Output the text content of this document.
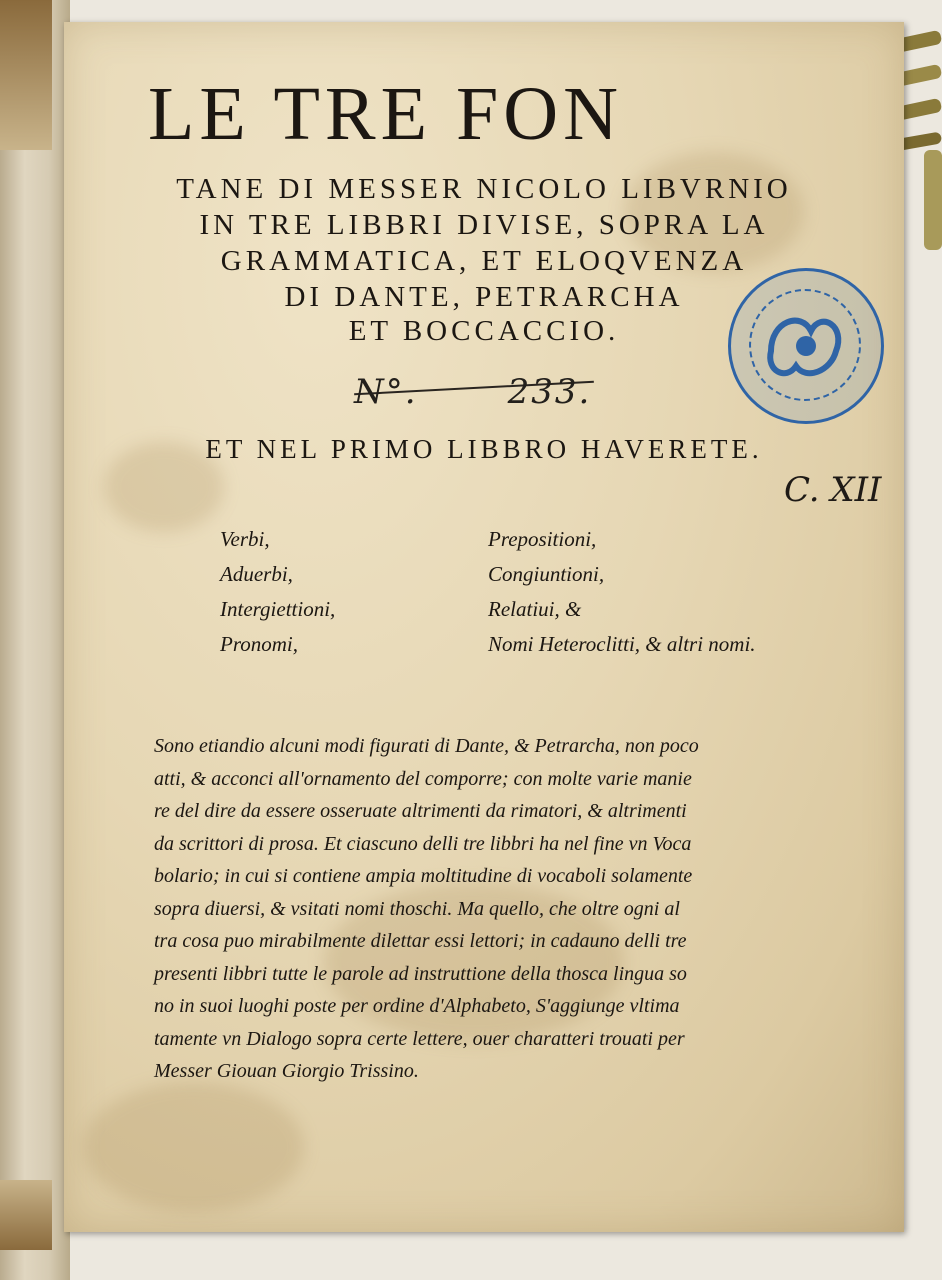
LE TRE FON
TANE DI MESSER NICOLO LIBVRNIO
IN TRE LIBBRI DIVISE, SOPRA LA
GRAMMATICA, ET ELOQVENZA
DI DANTE, PETRARCHA
ET BOCCACCIO.
N°.	233.
ET NEL PRIMO LIBBRO HAVERETE.
C. XII
Verbi,
Aduerbi,
Intergiettioni,
Pronomi,
Prepositioni,
Congiuntioni,
Relatiui, &
Nomi Heteroclitti, & altri nomi.
Sono etiandio alcuni modi figurati di Dante, & Petrarcha, non poco
atti, & acconci all'ornamento del comporre; con molte varie manie
re del dire da essere osseruate altrimenti da rimatori, & altrimenti
da scrittori di prosa. Et ciascuno delli tre libbri ha nel fine vn Voca
bolario; in cui si contiene ampia moltitudine di vocaboli solamente
sopra diuersi, & vsitati nomi thoschi. Ma quello, che oltre ogni al
tra cosa puo mirabilmente dilettar essi lettori; in cadauno delli tre
presenti libbri tutte le parole ad instruttione della thosca lingua so
no in suoi luoghi poste per ordine d'Alphabeto, S'aggiunge vltima
tamente vn Dialogo sopra certe lettere, ouer charatteri trouati per
Messer Giouan Giorgio Trissino.
